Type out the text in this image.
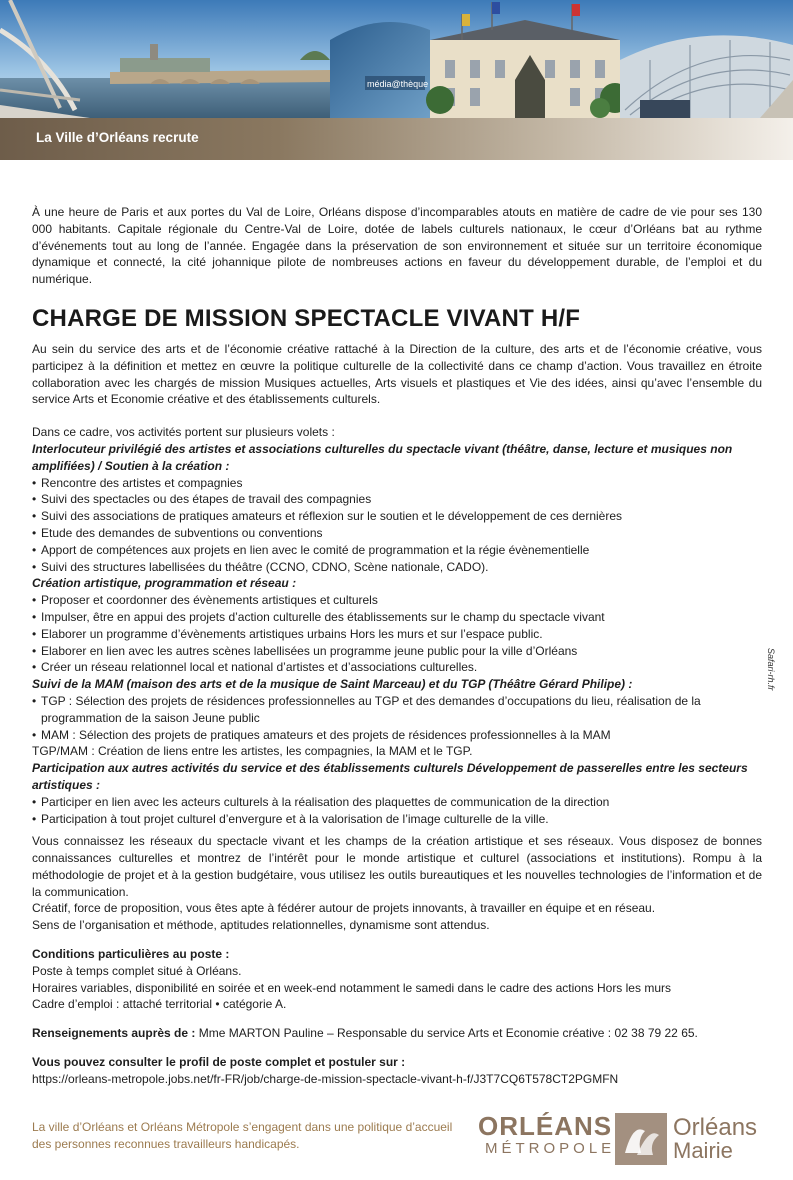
média@thèque
La Ville d’Orléans recrute

À une heure de Paris et aux portes du Val de Loire, Orléans dispose d’incomparables atouts en matière de cadre de vie pour ses 130 000 habitants. Capitale régionale du Centre-Val de Loire, dotée de labels culturels nationaux, le cœur d’Orléans bat au rythme d’événements tout au long de l’année. Engagée dans la préservation de son environnement et située sur un territoire économique dynamique et connecté, la cité johannique pilote de nombreuses actions en faveur du développement durable, de l’emploi et du numérique.

CHARGE DE MISSION SPECTACLE VIVANT H/F

Au sein du service des arts et de l’économie créative rattaché à la Direction de la culture, des arts et de l’économie créative, vous participez à la définition et mettez en œuvre la politique culturelle de la collectivité dans ce champ d’action. Vous travaillez en étroite collaboration avec les chargés de mission Musiques actuelles, Arts visuels et plastiques et Vie des idées, ainsi qu’avec l’ensemble du service Arts et Economie créative et des établissements culturels.

Dans ce cadre, vos activités portent sur plusieurs volets :

Interlocuteur privilégié des artistes et associations culturelles du spectacle vivant (théâtre, danse, lecture et musiques non amplifiées) / Soutien à la création :

• Rencontre des artistes et compagnies
• Suivi des spectacles ou des étapes de travail des compagnies
• Suivi des associations de pratiques amateurs et réflexion sur le soutien et le développement de ces dernières
• Etude des demandes de subventions ou conventions
• Apport de compétences aux projets en lien avec le comité de programmation et la régie évènementielle
• Suivi des structures labellisées du théâtre (CCNO, CDNO, Scène nationale, CADO).

Création artistique, programmation et réseau :

• Proposer et coordonner des évènements artistiques et culturels
• Impulser, être en appui des projets d’action culturelle des établissements sur le champ du spectacle vivant
• Elaborer un programme d’évènements artistiques urbains Hors les murs et sur l’espace public.
• Elaborer en lien avec les autres scènes labellisées un programme jeune public pour la ville d’Orléans
• Créer un réseau relationnel local et national d’artistes et d’associations culturelles.

Suivi de la MAM (maison des arts et de la musique de Saint Marceau) et du TGP (Théâtre Gérard Philipe) :

• TGP : Sélection des projets de résidences professionnelles au TGP et des demandes d’occupations du lieu, réalisation de la programmation de la saison Jeune public
• MAM : Sélection des projets de pratiques amateurs et des projets de résidences professionnelles à la MAM

TGP/MAM : Création de liens entre les artistes, les compagnies, la MAM et le TGP.

Participation aux autres activités du service et des établissements culturels Développement de passerelles entre les secteurs artistiques :

• Participer en lien avec les acteurs culturels à la réalisation des plaquettes de communication de la direction
• Participation à tout projet culturel d’envergure et à la valorisation de l’image culturelle de la ville.

Vous connaissez les réseaux du spectacle vivant et les champs de la création artistique et ses réseaux. Vous disposez de bonnes connaissances culturelles et montrez de l’intérêt pour le monde artistique et culturel (associations et institutions). Rompu à la méthodologie de projet et à la gestion budgétaire, vous utilisez les outils bureautiques et les nouvelles technologies de l’information et de la communication.

Créatif, force de proposition, vous êtes apte à fédérer autour de projets innovants, à travailler en équipe et en réseau.

Sens de l’organisation et méthode, aptitudes relationnelles, dynamisme sont attendus.

Conditions particulières au poste :

Poste à temps complet situé à Orléans.

Horaires variables, disponibilité en soirée et en week-end notamment le samedi dans le cadre des actions Hors les murs

Cadre d’emploi : attaché territorial • catégorie A.

Renseignements auprès de : Mme MARTON Pauline – Responsable du service Arts et Economie créative : 02 38 79 22 65.

Vous pouvez consulter le profil de poste complet et postuler sur :

https://orleans-metropole.jobs.net/fr-FR/job/charge-de-mission-spectacle-vivant-h-f/J3T7CQ6T578CT2PGMFN

Safari-rh.fr
La ville d’Orléans et Orléans Métropole s’engagent dans une politique d’accueil des personnes reconnues travailleurs handicapés.
ORLÉANS
MÉTROPOLE
Orléans
Mairie
